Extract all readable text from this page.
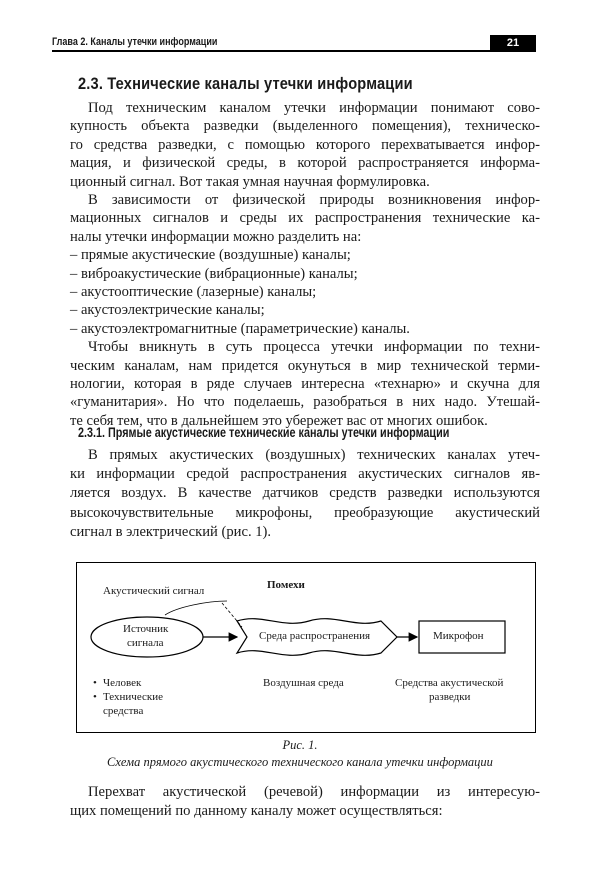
Глава 2. Каналы утечки информации	21
2.3. Технические каналы утечки информации
Под техническим каналом утечки информации понимают сово-
купность объекта разведки (выделенного помещения), техническо-
го средства разведки, с помощью которого перехватывается инфор-
мация, и физической среды, в которой распространяется информа-
ционный сигнал. Вот такая умная научная формулировка.
В зависимости от физической природы возникновения инфор-
мационных сигналов и среды их распространения технические ка-
налы утечки информации можно разделить на:
– прямые акустические (воздушные) каналы;
– виброакустические (вибрационные) каналы;
– акустооптические (лазерные) каналы;
– акустоэлектрические каналы;
– акустоэлектромагнитные (параметрические) каналы.
Чтобы вникнуть в суть процесса утечки информации по техни-
ческим каналам, нам придется окунуться в мир технической терми-
нологии, которая в ряде случаев интересна «технарю» и скучна для
«гуманитария». Но что поделаешь, разобраться в них надо. Утешай-
2.3.1. Прямые акустические технические каналы утечки информации
В прямых акустических (воздушных) технических каналах утеч-
ки информации средой распространения акустических сигналов яв-
ляется воздух. В качестве датчиков средств разведки используются
высокочувствительные микрофоны, преобразующие акустический
сигнал в электрический (рис. 1).
Акустический сигнал	Помехи
Источник
сигнала
Среда распространения	Микрофон
• Человек
• Технические
средства
Воздушная среда	Средства акустической
разведки
Рис. 1.
Схема прямого акустического технического канала утечки информации
Перехват акустической (речевой) информации из интересую-
щих помещений по данному каналу может осуществляться:
те себя тем, что в дальнейшем это убережет вас от многих ошибок.
